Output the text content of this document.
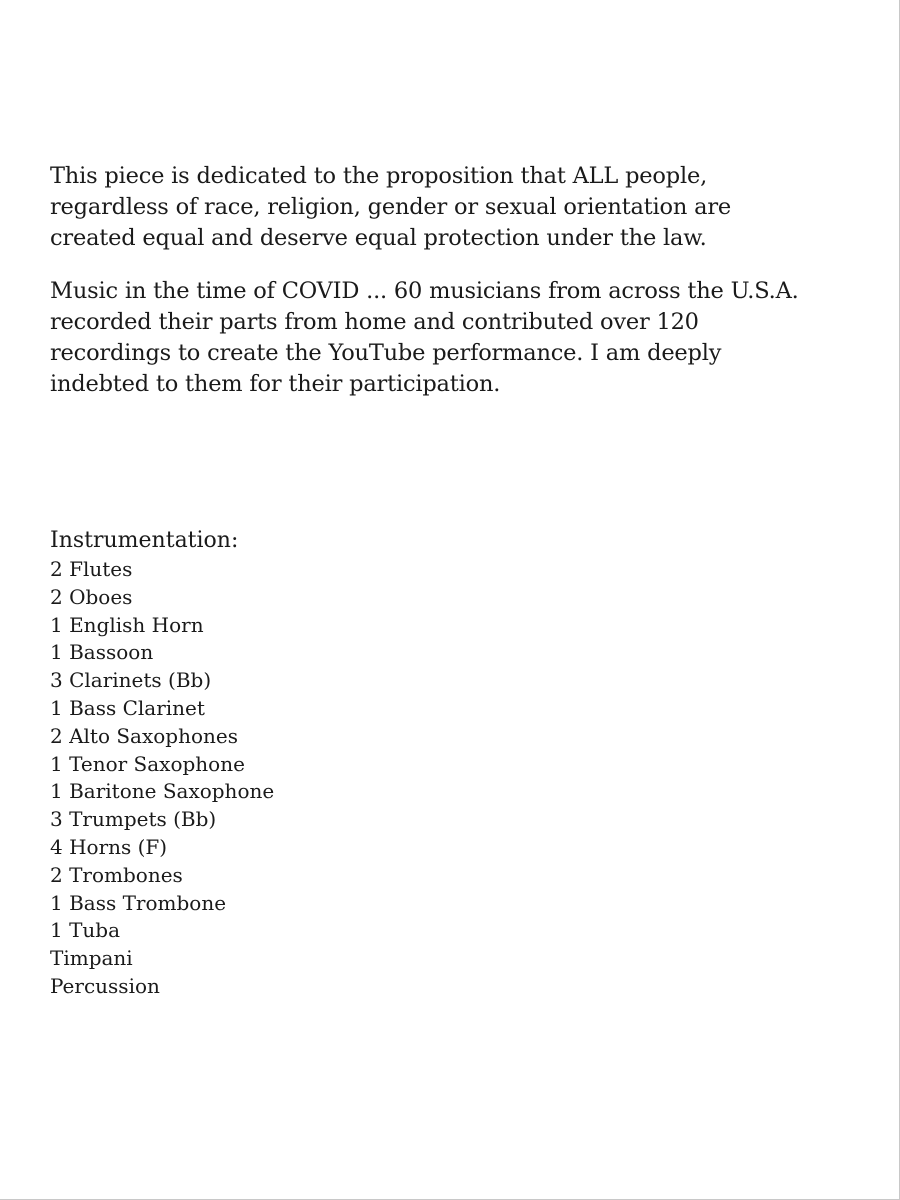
This piece is dedicated to the proposition that ALL people,
regardless of race, religion, gender or sexual orientation are
created equal and deserve equal protection under the law.

Music in the time of COVID ... 60 musicians from across the U.S.A.
recorded their parts from home and contributed over 120
recordings to create the YouTube performance. I am deeply
indebted to them for their participation.

Instrumentation:

2 Flutes
2 Oboes
1 English Horn
1 Bassoon
3 Clarinets (Bb)
1 Bass Clarinet
2 Alto Saxophones
1 Tenor Saxophone
1 Baritone Saxophone
3 Trumpets (Bb)
4 Horns (F)
2 Trombones
1 Bass Trombone
1 Tuba
Timpani
Percussion
